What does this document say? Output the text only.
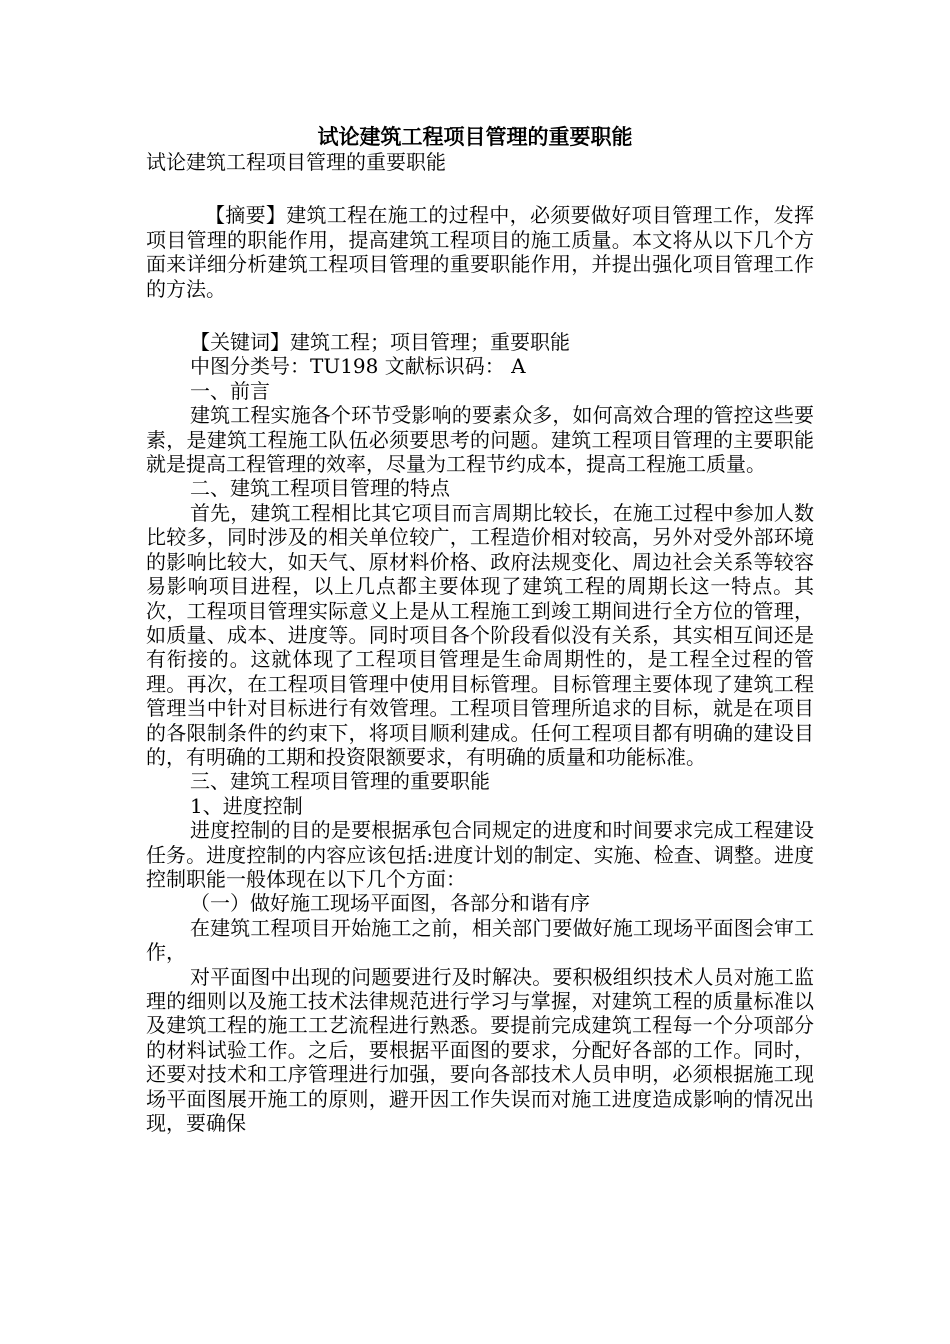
试论建筑工程项目管理的重要职能

试论建筑工程项目管理的重要职能

【摘要】建筑工程在施工的过程中，必须要做好项目管理工作，发挥项目管理的职能作用，提高建筑工程项目的施工质量。本文将从以下几个方面来详细分析建筑工程项目管理的重要职能作用，并提出强化项目管理工作的方法。

【关键词】建筑工程；项目管理；重要职能

中图分类号：TU198 文献标识码： A

一、前言

建筑工程实施各个环节受影响的要素众多，如何高效合理的管控这些要素，是建筑工程施工队伍必须要思考的问题。建筑工程项目管理的主要职能就是提高工程管理的效率，尽量为工程节约成本，提高工程施工质量。

二、建筑工程项目管理的特点

首先，建筑工程相比其它项目而言周期比较长，在施工过程中参加人数比较多，同时涉及的相关单位较广，工程造价相对较高，另外对受外部环境的影响比较大，如天气、原材料价格、政府法规变化、周边社会关系等较容易影响项目进程，以上几点都主要体现了建筑工程的周期长这一特点。其次，工程项目管理实际意义上是从工程施工到竣工期间进行全方位的管理，如质量、成本、进度等。同时项目各个阶段看似没有关系，其实相互间还是有衔接的。这就体现了工程项目管理是生命周期性的，是工程全过程的管理。再次，在工程项目管理中使用目标管理。目标管理主要体现了建筑工程管理当中针对目标进行有效管理。工程项目管理所追求的目标，就是在项目的各限制条件的约束下，将项目顺利建成。任何工程项目都有明确的建设目的，有明确的工期和投资限额要求，有明确的质量和功能标准。

三、建筑工程项目管理的重要职能

1、进度控制

进度控制的目的是要根据承包合同规定的进度和时间要求完成工程建设任务。进度控制的内容应该包括:进度计划的制定、实施、检查、调整。进度控制职能一般体现在以下几个方面：

（一）做好施工现场平面图，各部分和谐有序

在建筑工程项目开始施工之前，相关部门要做好施工现场平面图会审工作，

对平面图中出现的问题要进行及时解决。要积极组织技术人员对施工监理的细则以及施工技术法律规范进行学习与掌握，对建筑工程的质量标准以及建筑工程的施工工艺流程进行熟悉。要提前完成建筑工程每一个分项部分的材料试验工作。之后，要根据平面图的要求，分配好各部的工作。同时，还要对技术和工序管理进行加强，要向各部技术人员申明，必须根据施工现场平面图展开施工的原则，避开因工作失误而对施工进度造成影响的情况出现，要确保
